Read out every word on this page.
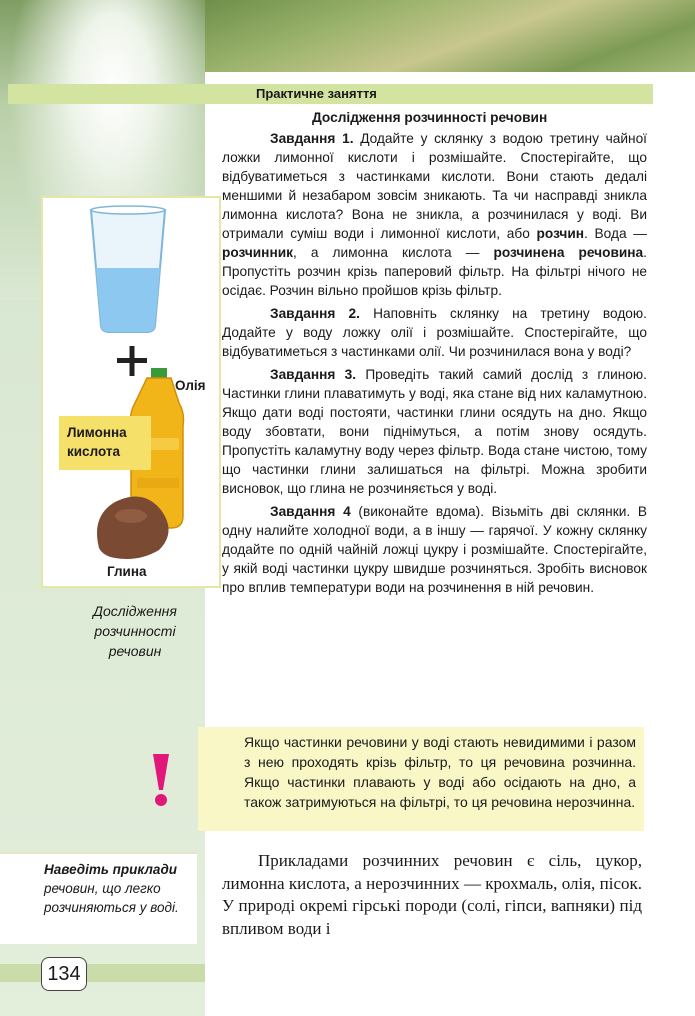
Практичне заняття
Дослідження розчинності речовин

Завдання 1. Додайте у склянку з водою третину чайної ложки лимонної кислоти і розмішайте. Спостерігайте, що відбуватиметься з частинками кислоти. Вони стають дедалі меншими й незабаром зовсім зникають. Та чи насправді зникла лимонна кислота? Вона не зникла, а розчинилася у воді. Ви отримали суміш води і лимонної кислоти, або розчин. Вода — розчинник, а лимонна кислота — розчинена речовина. Пропустіть розчин крізь паперовий фільтр. На фільтрі нічого не осідає. Розчин вільно пройшов крізь фільтр.

Завдання 2. Наповніть склянку на третину водою. Додайте у воду ложку олії і розмішайте. Спостерігайте, що відбуватиметься з частинками олії. Чи розчинилася вона у воді?

Завдання 3. Проведіть такий самий дослід з глиною. Частинки глини плаватимуть у воді, яка стане від них каламутною. Якщо дати воді постояти, частинки глини осядуть на дно. Якщо воду збовтати, вони піднімуться, а потім знову осядуть. Пропустіть каламутну воду через фільтр. Вода стане чистою, тому що частинки глини залишаться на фільтрі. Можна зробити висновок, що глина не розчиняється у воді.

Завдання 4 (виконайте вдома). Візьміть дві склянки. В одну налийте холодної води, а в іншу — гарячої. У кожну склянку додайте по одній чайній ложці цукру і розмішайте. Спостерігайте, у якій воді частинки цукру швидше розчиняться. Зробіть висновок про вплив температури води на розчинення в ній речовин.

Олія
Лимонна кислота
Глина
Дослідження розчинності речовин
Якщо частинки речовини у воді стають невидимими і разом з нею проходять крізь фільтр, то ця речовина розчинна. Якщо частинки плавають у воді або осідають на дно, а також затримуються на фільтрі, то ця речовина нерозчинна.
Наведіть приклади речовин, що легко розчиняються у воді.

Прикладами розчинних речовин є сіль, цукор, лимонна кислота, а нерозчинних — крохмаль, олія, пісок. У природі окремі гірські породи (солі, гіпси, вапняки) під впливом води і

134
